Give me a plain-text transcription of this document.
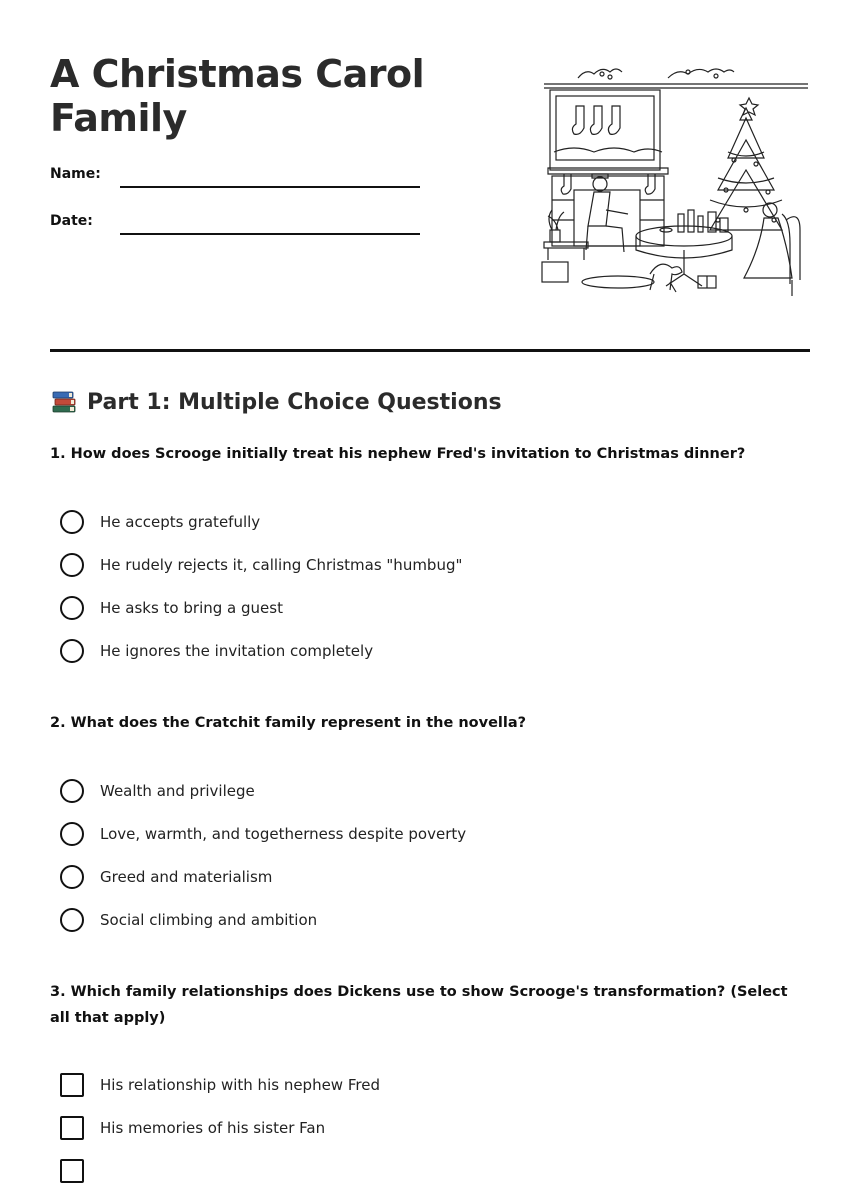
A Christmas Carol Family
Name:
Date:
Part 1: Multiple Choice Questions
1. How does Scrooge initially treat his nephew Fred's invitation to Christmas dinner?
He accepts gratefully
He rudely rejects it, calling Christmas "humbug"
He asks to bring a guest
He ignores the invitation completely
2. What does the Cratchit family represent in the novella?
Wealth and privilege
Love, warmth, and togetherness despite poverty
Greed and materialism
Social climbing and ambition
3. Which family relationships does Dickens use to show Scrooge's transformation? (Select all that apply)
His relationship with his nephew Fred
His memories of his sister Fan
